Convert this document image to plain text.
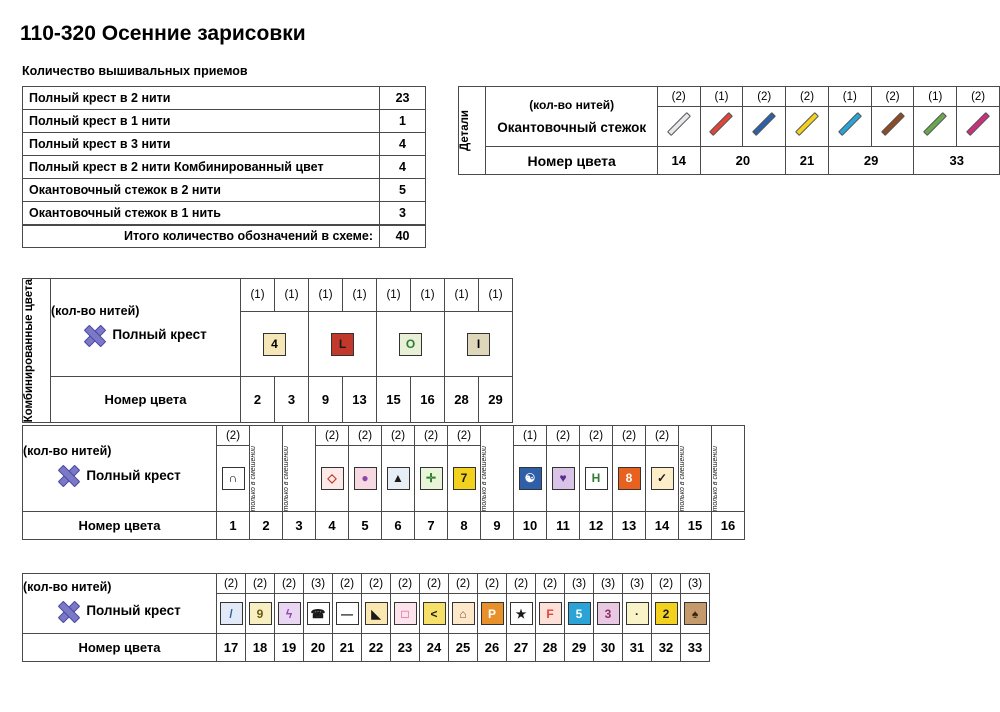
110-320 Осенние зарисовки
Количество вышивальных приемов
Полный крест в 2 нити	23
Полный крест в 1 нити	1
Полный крест в 3 нити	4
Полный крест в 2 нити Комбинированный цвет	4
Окантовочный стежок в 2 нити	5
Окантовочный стежок в 1 нить	3
Итого количество обозначений в схеме:	40
Детали	(кол-во нитей)
Окантовочный стежок	(2)	(1)	(2)	(2)	(1)	(2)	(1)	(2)

	Номер цвета	14	20		21	29		33	
Комбинированные цвета	(кол-во нитей)
Полный крест	(1)	(1)	(1)	(1)	(1)	(1)	(1)	(1)
		4		L		O		I	
	Номер цвета	2	3	9	13	15	16	28	29
(кол-во нитей)
Полный крест	(2)			(2)	(2)	(2)	(2)	(2)		(1)	(2)	(2)	(2)	(2)		
	∩	только в смешении	только в смешении	◇	●	▲	✛	7	только в смешении	☯	♥	H	8	✓	только в смешении	только в смешении

Номер цвета	1	2	3	4	5	6	7	8	9	10	11	12	13	14	15	16
(кол-во нитей)
Полный крест	(2)	(2)	(2)	(3)	(2)	(2)	(2)	(2)	(2)	(2)	(2)	(2)	(3)	(3)	(3)	(2)	(3)
	/	9	ϟ	☎	—	◣	□	<	⌂	P	★	F	5	3	·	2	♠
Номер цвета	17	18	19	20	21	22	23	24	25	26	27	28	29	30	31	32	33
